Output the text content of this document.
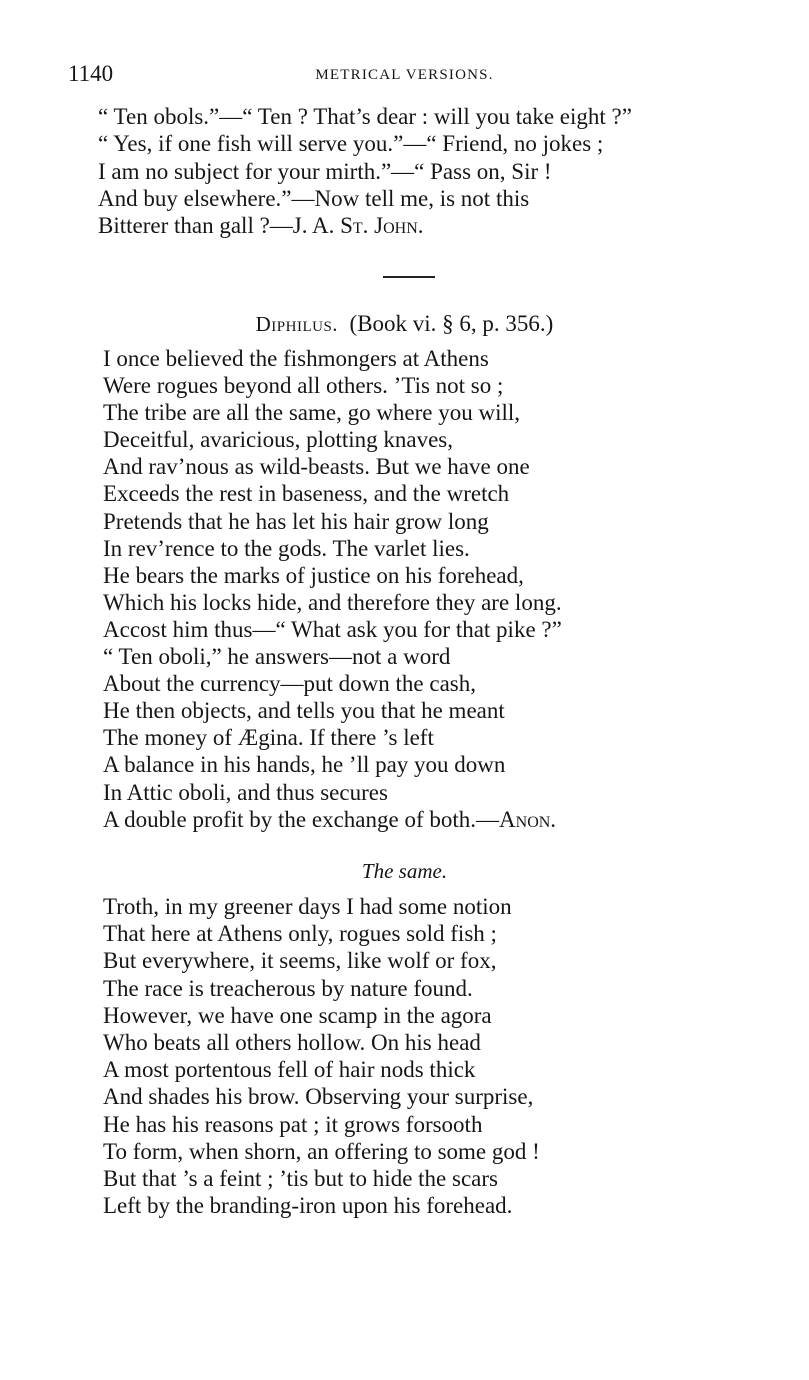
1140	METRICAL VERSIONS.
“ Ten obols.”—“ Ten ? That’s dear : will you take eight ?”
“ Yes, if one fish will serve you.”—“ Friend, no jokes ;
I am no subject for your mirth.”—“ Pass on, Sir !
And buy elsewhere.”—Now tell me, is not this
Bitterer than gall ?—J. A. St. John.
Diphilus. (Book vi. § 6, p. 356.)
I once believed the fishmongers at Athens
Were rogues beyond all others. ’Tis not so ;
The tribe are all the same, go where you will,
Deceitful, avaricious, plotting knaves,
And rav’nous as wild-beasts. But we have one
Exceeds the rest in baseness, and the wretch
Pretends that he has let his hair grow long
In rev’rence to the gods. The varlet lies.
He bears the marks of justice on his forehead,
Which his locks hide, and therefore they are long.
Accost him thus—“ What ask you for that pike ?”
“ Ten oboli,” he answers—not a word
About the currency—put down the cash,
He then objects, and tells you that he meant
The money of Ægina. If there ’s left
A balance in his hands, he ’ll pay you down
In Attic oboli, and thus secures
A double profit by the exchange of both.—Anon.
The same.
Troth, in my greener days I had some notion
That here at Athens only, rogues sold fish ;
But everywhere, it seems, like wolf or fox,
The race is treacherous by nature found.
However, we have one scamp in the agora
Who beats all others hollow. On his head
A most portentous fell of hair nods thick
And shades his brow. Observing your surprise,
He has his reasons pat ; it grows forsooth
To form, when shorn, an offering to some god !
But that ’s a feint ; ’tis but to hide the scars
Left by the branding-iron upon his forehead.
